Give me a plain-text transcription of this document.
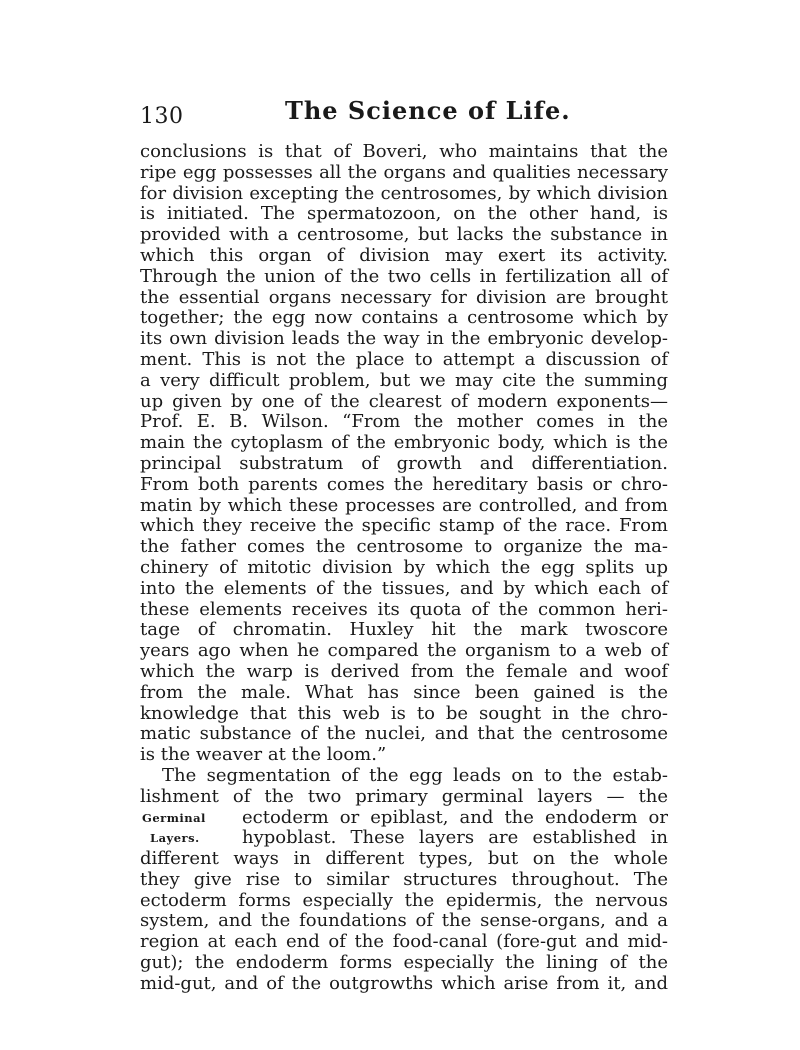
130	The Science of Life.
conclusions is that of Boveri, who maintains that the
ripe egg possesses all the organs and qualities necessary
for division excepting the centrosomes, by which division
is initiated. The spermatozoon, on the other hand, is
provided with a centrosome, but lacks the substance in
which this organ of division may exert its activity.
Through the union of the two cells in fertilization all of
the essential organs necessary for division are brought
together; the egg now contains a centrosome which by
its own division leads the way in the embryonic develop-
ment. This is not the place to attempt a discussion of
a very difficult problem, but we may cite the summing
up given by one of the clearest of modern exponents—
Prof. E. B. Wilson. “From the mother comes in the
main the cytoplasm of the embryonic body, which is the
principal substratum of growth and differentiation.
From both parents comes the hereditary basis or chro-
matin by which these processes are controlled, and from
which they receive the specific stamp of the race. From
the father comes the centrosome to organize the ma-
chinery of mitotic division by which the egg splits up
into the elements of the tissues, and by which each of
these elements receives its quota of the common heri-
tage of chromatin. Huxley hit the mark twoscore
years ago when he compared the organism to a web of
which the warp is derived from the female and woof
from the male. What has since been gained is the
knowledge that this web is to be sought in the chro-
matic substance of the nuclei, and that the centrosome
is the weaver at the loom.”
The segmentation of the egg leads on to the estab-
lishment of the two primary germinal layers — the
Germinal ectoderm or epiblast, and the endoderm or
Layers. hypoblast. These layers are established in
different ways in different types, but on the whole
they give rise to similar structures throughout. The
ectoderm forms especially the epidermis, the nervous
system, and the foundations of the sense-organs, and a
region at each end of the food-canal (fore-gut and mid-
gut); the endoderm forms especially the lining of the
mid-gut, and of the outgrowths which arise from it, and
